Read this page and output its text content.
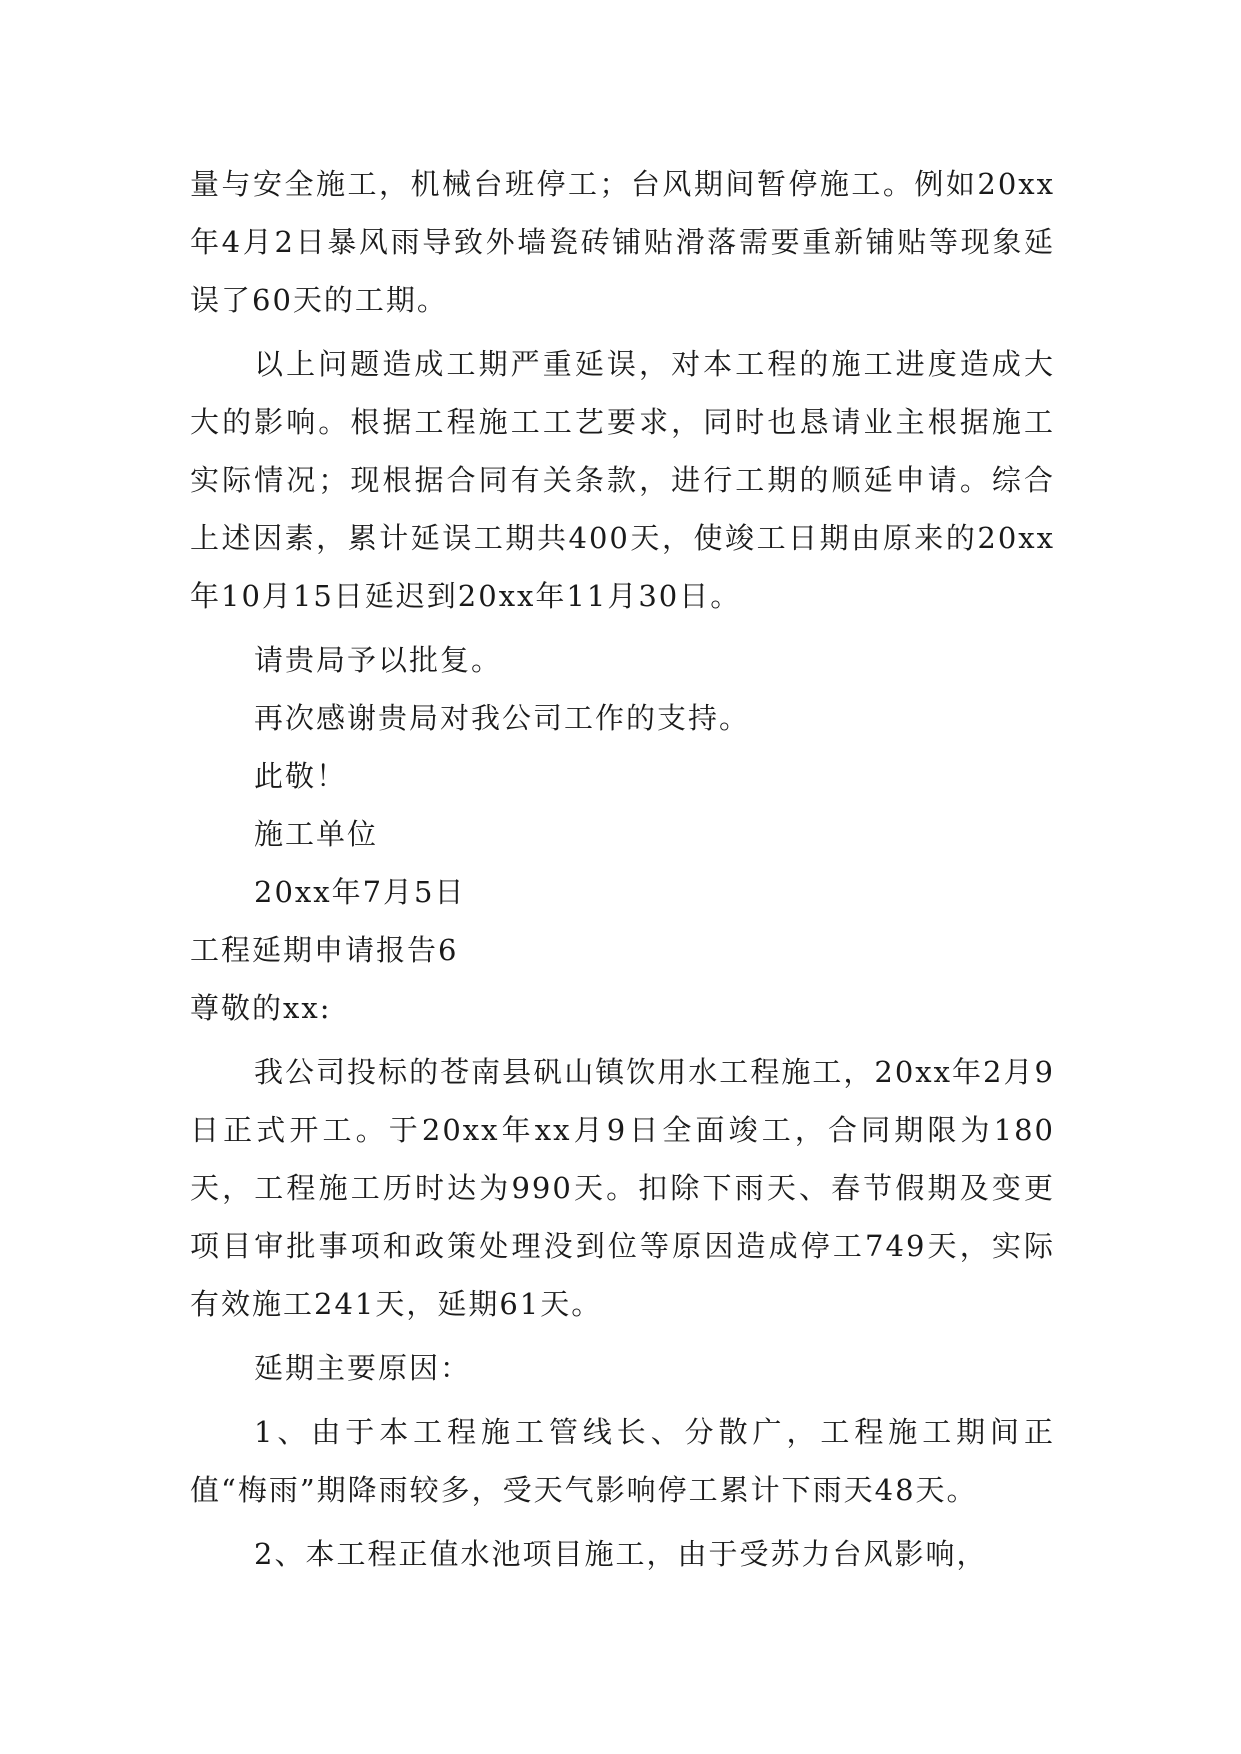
量与安全施工，机械台班停工；台风期间暂停施工。例如20xx年4月2日暴风雨导致外墙瓷砖铺贴滑落需要重新铺贴等现象延误了60天的工期。

以上问题造成工期严重延误，对本工程的施工进度造成大大的影响。根据工程施工工艺要求，同时也恳请业主根据施工实际情况；现根据合同有关条款，进行工期的顺延申请。综合上述因素，累计延误工期共400天，使竣工日期由原来的20xx年10月15日延迟到20xx年11月30日。

请贵局予以批复。

再次感谢贵局对我公司工作的支持。

此敬！

施工单位

20xx年7月5日

工程延期申请报告6

尊敬的xx:

我公司投标的苍南县矾山镇饮用水工程施工，20xx年2月9日正式开工。于20xx年xx月9日全面竣工，合同期限为180天，工程施工历时达为990天。扣除下雨天、春节假期及变更项目审批事项和政策处理没到位等原因造成停工749天，实际有效施工241天，延期61天。

延期主要原因：

1、由于本工程施工管线长、分散广，工程施工期间正值“梅雨”期降雨较多，受天气影响停工累计下雨天48天。

2、本工程正值水池项目施工，由于受苏力台风影响，
